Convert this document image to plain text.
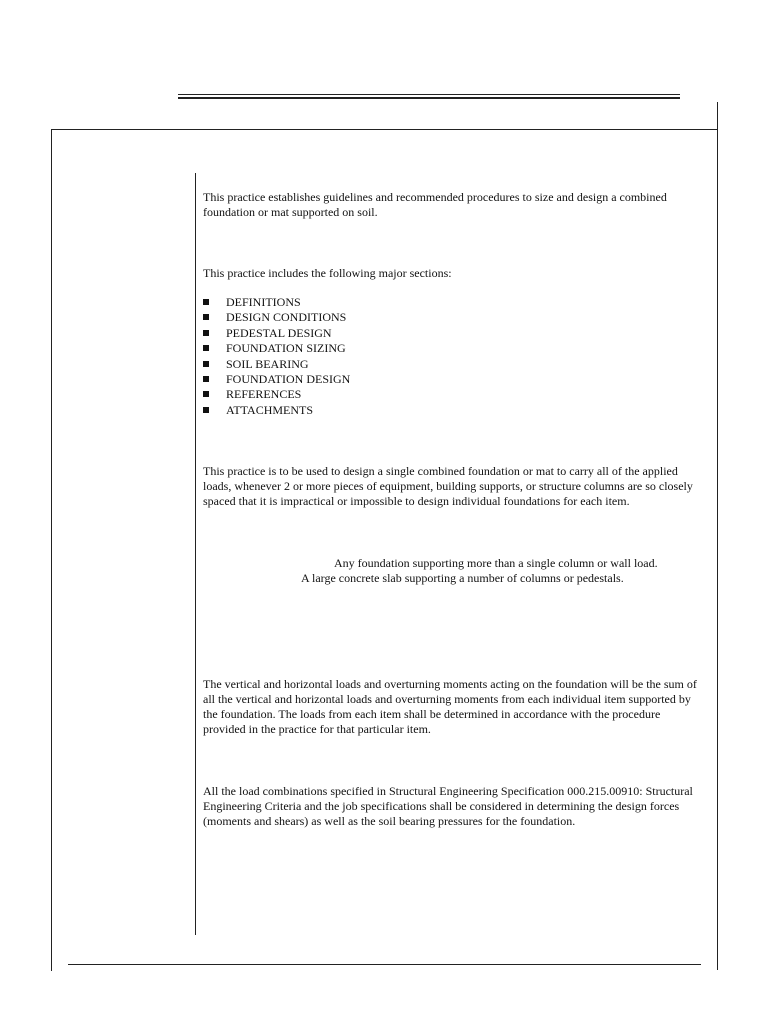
This practice establishes guidelines and recommended procedures to size and design a combined foundation or mat supported on soil.

This practice includes the following major sections:

DEFINITIONS
DESIGN CONDITIONS
PEDESTAL DESIGN
FOUNDATION SIZING
SOIL BEARING
FOUNDATION DESIGN
REFERENCES
ATTACHMENTS

This practice is to be used to design a single combined foundation or mat to carry all of the applied loads, whenever 2 or more pieces of equipment, building supports, or structure columns are so closely spaced that it is impractical or impossible to design individual foundations for each item.

Any foundation supporting more than a single column or wall load.
A large concrete slab supporting a number of columns or pedestals.

The vertical and horizontal loads and overturning moments acting on the foundation will be the sum of all the vertical and horizontal loads and overturning moments from each individual item supported by the foundation. The loads from each item shall be determined in accordance with the procedure provided in the practice for that particular item.

All the load combinations specified in Structural Engineering Specification 000.215.00910: Structural Engineering Criteria and the job specifications shall be considered in determining the design forces (moments and shears) as well as the soil bearing pressures for the foundation.
